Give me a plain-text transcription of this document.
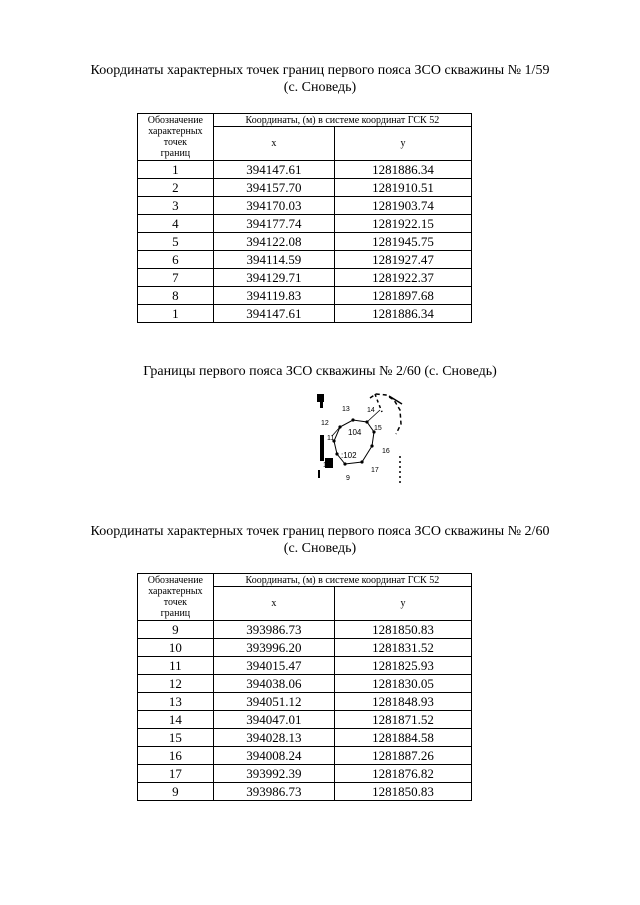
Координаты характерных точек границ первого пояса ЗСО скважины № 1/59
(с. Сноведь)
Обозначение
характерных
точек
границ	Координаты, (м) в системе координат ГСК 52	
	x	y
1	394147.61	1281886.34
2	394157.70	1281910.51
3	394170.03	1281903.74
4	394177.74	1281922.15
5	394122.08	1281945.75
6	394114.59	1281927.47
7	394129.71	1281922.37
8	394119.83	1281897.68
1	394147.61	1281886.34
Границы первого пояса ЗСО скважины № 2/60 (с. Сноведь)
13 14
12
104 15
11
:102	16
10
17
9
Координаты характерных точек границ первого пояса ЗСО скважины № 2/60
(с. Сноведь)
Обозначение
характерных
точек
границ	Координаты, (м) в системе координат ГСК 52	
	x	y
9	393986.73	1281850.83
10	393996.20	1281831.52
11	394015.47	1281825.93
12	394038.06	1281830.05
13	394051.12	1281848.93
14	394047.01	1281871.52
15	394028.13	1281884.58
16	394008.24	1281887.26
17	393992.39	1281876.82
9	393986.73	1281850.83
